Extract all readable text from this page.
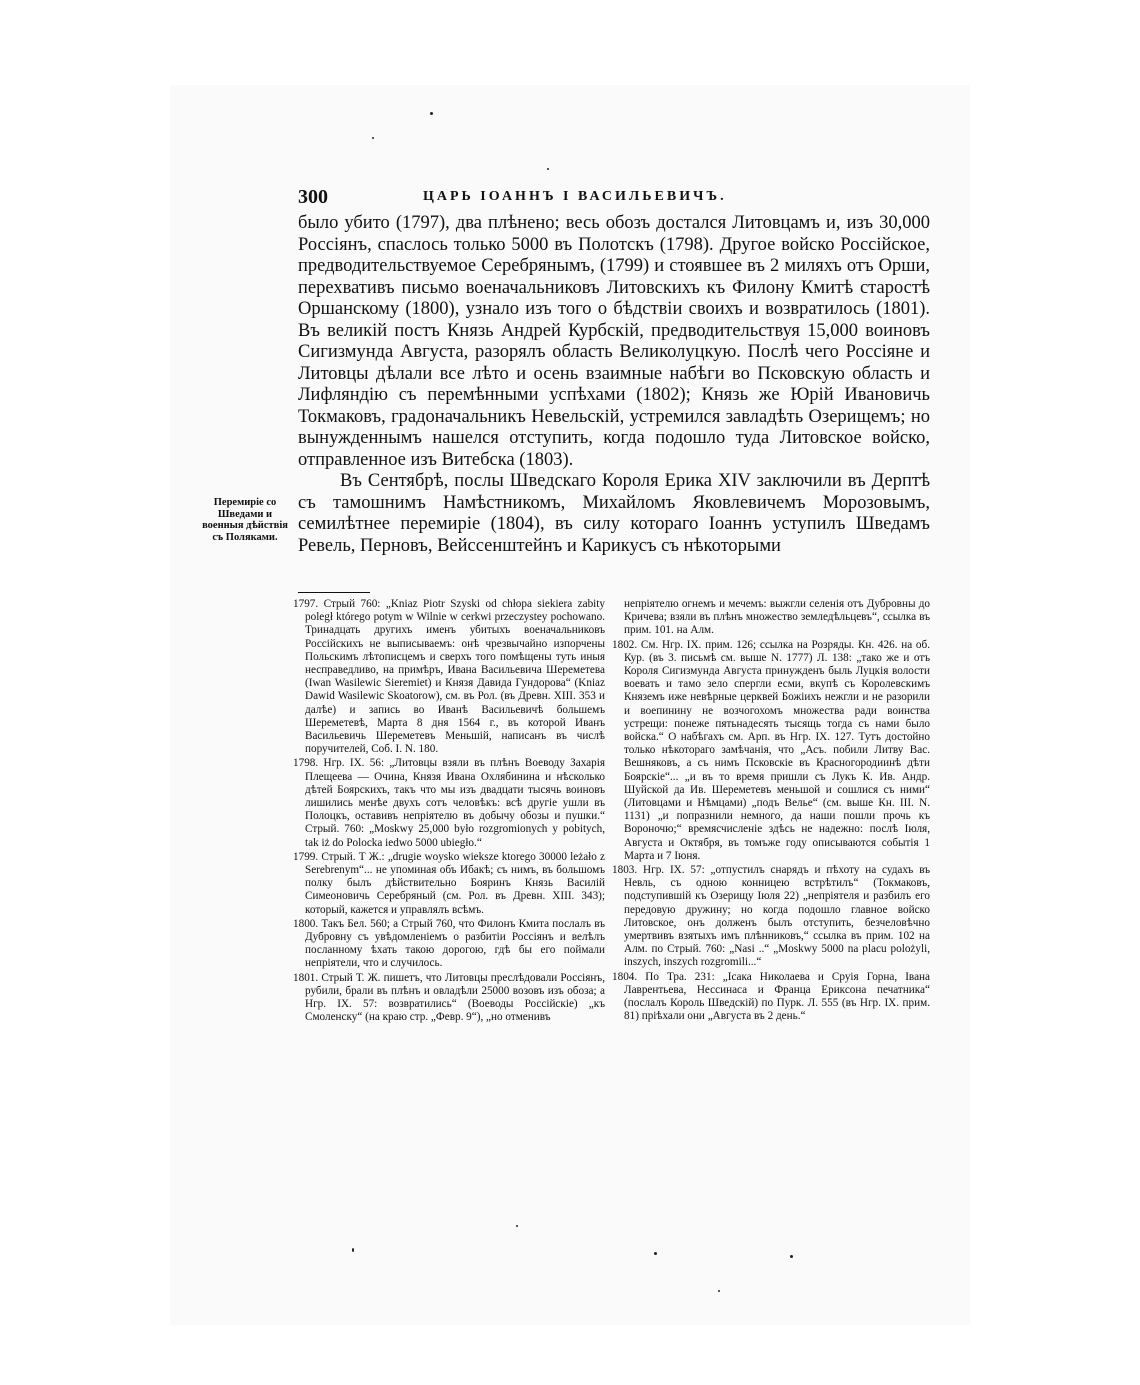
300	ЦАРЬ IОАННЪ I ВАСИЛЬЕВИЧЪ.

было убито (1797), два плѣнено; весь обозъ достался Литовцамъ и, изъ 30,000 Россіянъ, спаслось только 5000 въ Полотскъ (1798). Другое войско Россійское, предводительствуемое Серебрянымъ, (1799) и стоявшее въ 2 миляхъ отъ Орши, перехвативъ письмо военачальниковъ Литовскихъ къ Филону Кмитѣ старостѣ Оршанскому (1800), узнало изъ того о бѣдствіи своихъ и возвратилось (1801). Въ великій постъ Князь Андрей Курбскій, предводительствуя 15,000 воиновъ Сигизмунда Августа, разорялъ область Великолуцкую. Послѣ чего Россіяне и Литовцы дѣлали все лѣто и осень взаимные набѣги во Псковскую область и Лифляндію съ перемѣнными успѣхами (1802); Князь же Юрій Ивановичь Токмаковъ, градоначальникъ Невельскій, устремился завладѣть Озерищемъ; но вынужденнымъ нашелся отступить, когда подошло туда Литовское войско, отправленное изъ Витебска (1803).

Въ Сентябрѣ, послы Шведскаго Короля Ерика XIV заключили въ Дерптѣ съ тамошнимъ Намѣстникомъ, Михайломъ Яковлевичемъ Морозовымъ, семилѣтнее перемиріе (1804), въ силу котораго Іоаннъ уступилъ Шведамъ Ревель, Перновъ, Вейссенштейнъ и Карикусъ съ нѣкоторыми

Перемиріе со Шведами и военныя дѣйствія съ Поляками.

1797. Стрый 760: „Kniaz Piotr Szyski od chłopa siekiera zabity poległ którego potym w Wilnie w cerkwi przeczystey pochowano. Тринадцать другихъ именъ убитыхъ военачальниковъ Россійскихъ не выписываемъ: онѣ чрезвычайно изпорчены Польскимъ лѣтописцемъ и сверхъ того помѣщены туть иныя несправедливо, на примѣръ, Ивана Васильевича Шереметева (Iwan Wasilewic Sieremiet) и Князя Давида Гундорова“ (Kniaz Dawid Wasilewic Skoatorow), см. въ Рол. (въ Древн. XIII. 353 и далѣе) и запись во Иванѣ Васильевичѣ большемъ Шереметевѣ, Марта 8 дня 1564 г., въ которой Иванъ Васильевичь Шереметевъ Меньшій, написанъ въ числѣ поручителей, Соб. I. N. 180.

1798. Нгр. IX. 56: „Литовцы взяли въ плѣнъ Воеводу Захарія Плещеева — Очина, Князя Ивана Охлябинина и нѣсколько дѣтей Боярскихъ, такъ что мы изъ двадцати тысячь воиновъ лишились менѣе двухъ сотъ человѣкъ: всѣ другіе ушли въ Полоцкъ, оставивъ непріятелю въ добычу обозы и пушки.“ Стрый. 760: „Moskwy 25,000 było rozgromionych y pobitych, tak iż do Polocka iedwo 5000 ubiegło.“

1799. Стрый. Т Ж.: „drugie woysko wieksze ktorego 30000 leżało z Serebrenym“... не упоминая объ Ибакѣ; съ нимъ, въ большомъ полку былъ дѣйствительно Бояринъ Князь Василій Симеоновичь Серебряный (см. Рол. въ Древн. XIII. 343); который, кажется и управлялъ всѣмъ.

1800. Такъ Бел. 560; а Стрый 760, что Филонъ Кмита послалъ въ Дубровну съ увѣдомленіемъ о разбитіи Россіянъ и велѣлъ посланному ѣхать такою дорогою, гдѣ бы его поймали непріятели, что и случилось.

1801. Стрый Т. Ж. пишетъ, что Литовцы преслѣдовали Россіянъ, рубили, брали въ плѣнъ и овладѣли 25000 возовъ изъ обоза; а Нгр. IX. 57: возвратились“ (Воеводы Россійскіе) „къ Смоленску“ (на краю стр. „Февр. 9“), „но отменивъ

непріятелю огнемъ и мечемъ: выжгли селенія отъ Дубровны до Кричева; взяли въ плѣнъ множество земледѣльцевъ“, ссылка въ прим. 101. на Алм.

1802. См. Нгр. IX. прим. 126; ссылка на Розряды. Кн. 426. на об. Кур. (въ 3. письмѣ см. выше N. 1777) Л. 138: „тако же и отъ Короля Сигизмунда Августа принужденъ быль Луцкія волости воевать и тамо зело спергли есми, вкупѣ съ Королевскимъ Княземъ иже невѣрные церквей Божіихъ нежгли и не разорили и воепинину не возчогохомъ множества ради воинства устрещи: понеже пятьнадесять тысящь тогда съ нами было войска.“ О набѣгахъ см. Арп. въ Нгр. IX. 127. Тутъ достойно только нѣкотораго замѣчанія, что „Асъ. побили Литву Вас. Вешняковъ, а съ нимъ Псковскіе въ Красногородиинѣ дѣти Боярскіе“... „и въ то время пришли съ Лукъ К. Ив. Андр. Шуйской да Ив. Шереметевъ меньшой и сошлися съ ними“ (Литовцами и Нѣмцами) „подъ Велье“ (см. выше Кн. III. N. 1131) „и попразнили немного, да наши пошли прочь къ Вороночю;“ времясчисленіе здѣсь не надежно: послѣ Іюля, Августа и Октября, въ томъже году описываются событія 1 Марта и 7 Іюня.

1803. Нгр. IX. 57: „отпустилъ снарядъ и пѣхоту на судахъ въ Невль, съ одною конницею встрѣтилъ“ (Токмаковъ, подступившій къ Озерищу Іюля 22) „непріятеля и разбилъ его передовую дружину; но когда подошло главное войско Литовское, онъ долженъ былъ отступить, безчеловѣчно умертвивъ взятыхъ имъ плѣнниковъ,“ ссылка въ прим. 102 на Алм. по Стрый. 760: „Nasi ..“ „Moskwy 5000 na placu polożyli, inszych, inszych rozgromili...“

1804. По Тра. 231: „Ісака Николаева и Сруія Горна, Івана Лаврентьева, Нессинаса и Франца Ериксона печатника“ (послалъ Король Шведскій) по Пурк. Л. 555 (въ Нгр. IX. прим. 81) пріѣхали они „Августа въ 2 день.“
